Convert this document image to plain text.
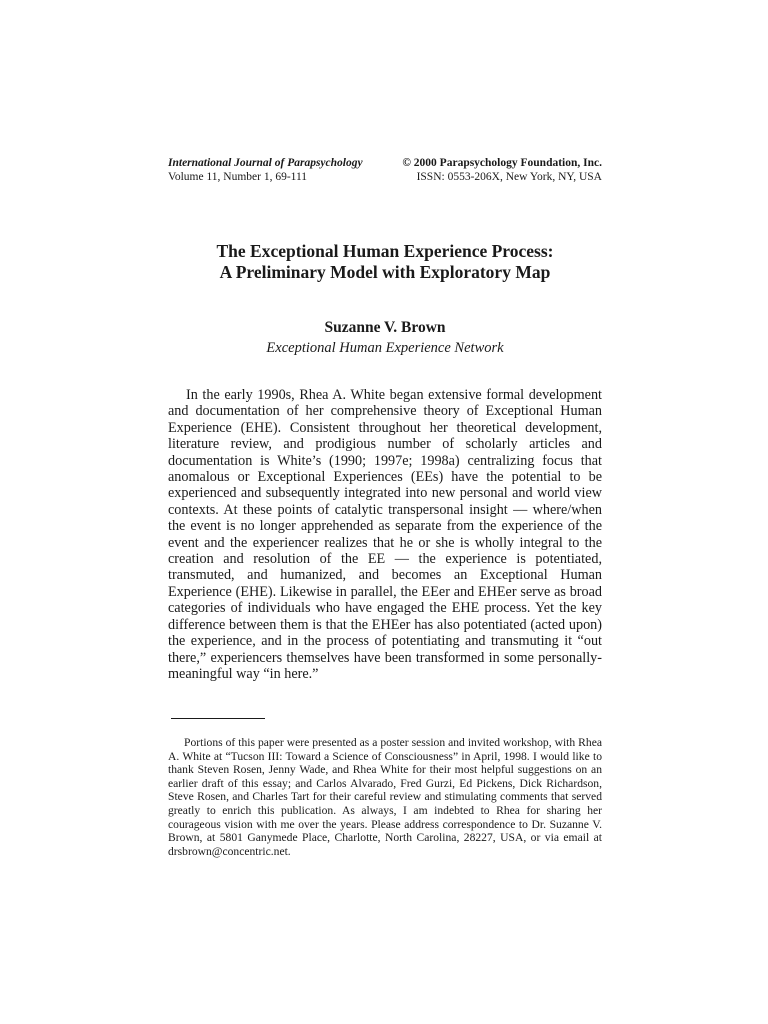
International Journal of Parapsychology	© 2000 Parapsychology Foundation, Inc.
Volume 11, Number 1, 69-111	ISSN: 0553-206X, New York, NY, USA
The Exceptional Human Experience Process:
A Preliminary Model with Exploratory Map
Suzanne V. Brown
Exceptional Human Experience Network

In the early 1990s, Rhea A. White began extensive formal development and documentation of her comprehensive theory of Exceptional Human Experience (EHE). Consistent throughout her theoretical development, literature review, and prodigious number of scholarly articles and documentation is White’s (1990; 1997e; 1998a) centralizing focus that anomalous or Exceptional Experiences (EEs) have the potential to be experienced and subsequently integrated into new personal and world view contexts. At these points of catalytic transpersonal insight — where/when the event is no longer apprehended as separate from the experience of the event and the experiencer realizes that he or she is wholly integral to the creation and resolution of the EE — the experience is potentiated, transmuted, and humanized, and becomes an Exceptional Human Experience (EHE). Likewise in parallel, the EEer and EHEer serve as broad categories of individuals who have engaged the EHE process. Yet the key difference between them is that the EHEer has also potentiated (acted upon) the experience, and in the process of potentiating and transmuting it “out there,” experiencers themselves have been transformed in some personally-meaningful way “in here.”

Portions of this paper were presented as a poster session and invited workshop, with Rhea A. White at “Tucson III: Toward a Science of Consciousness” in April, 1998. I would like to thank Steven Rosen, Jenny Wade, and Rhea White for their most helpful suggestions on an earlier draft of this essay; and Carlos Alvarado, Fred Gurzi, Ed Pickens, Dick Richardson, Steve Rosen, and Charles Tart for their careful review and stimulating comments that served greatly to enrich this publication. As always, I am indebted to Rhea for sharing her courageous vision with me over the years. Please address correspondence to Dr. Suzanne V. Brown, at 5801 Ganymede Place, Charlotte, North Carolina, 28227, USA, or via email at drsbrown@concentric.net.
